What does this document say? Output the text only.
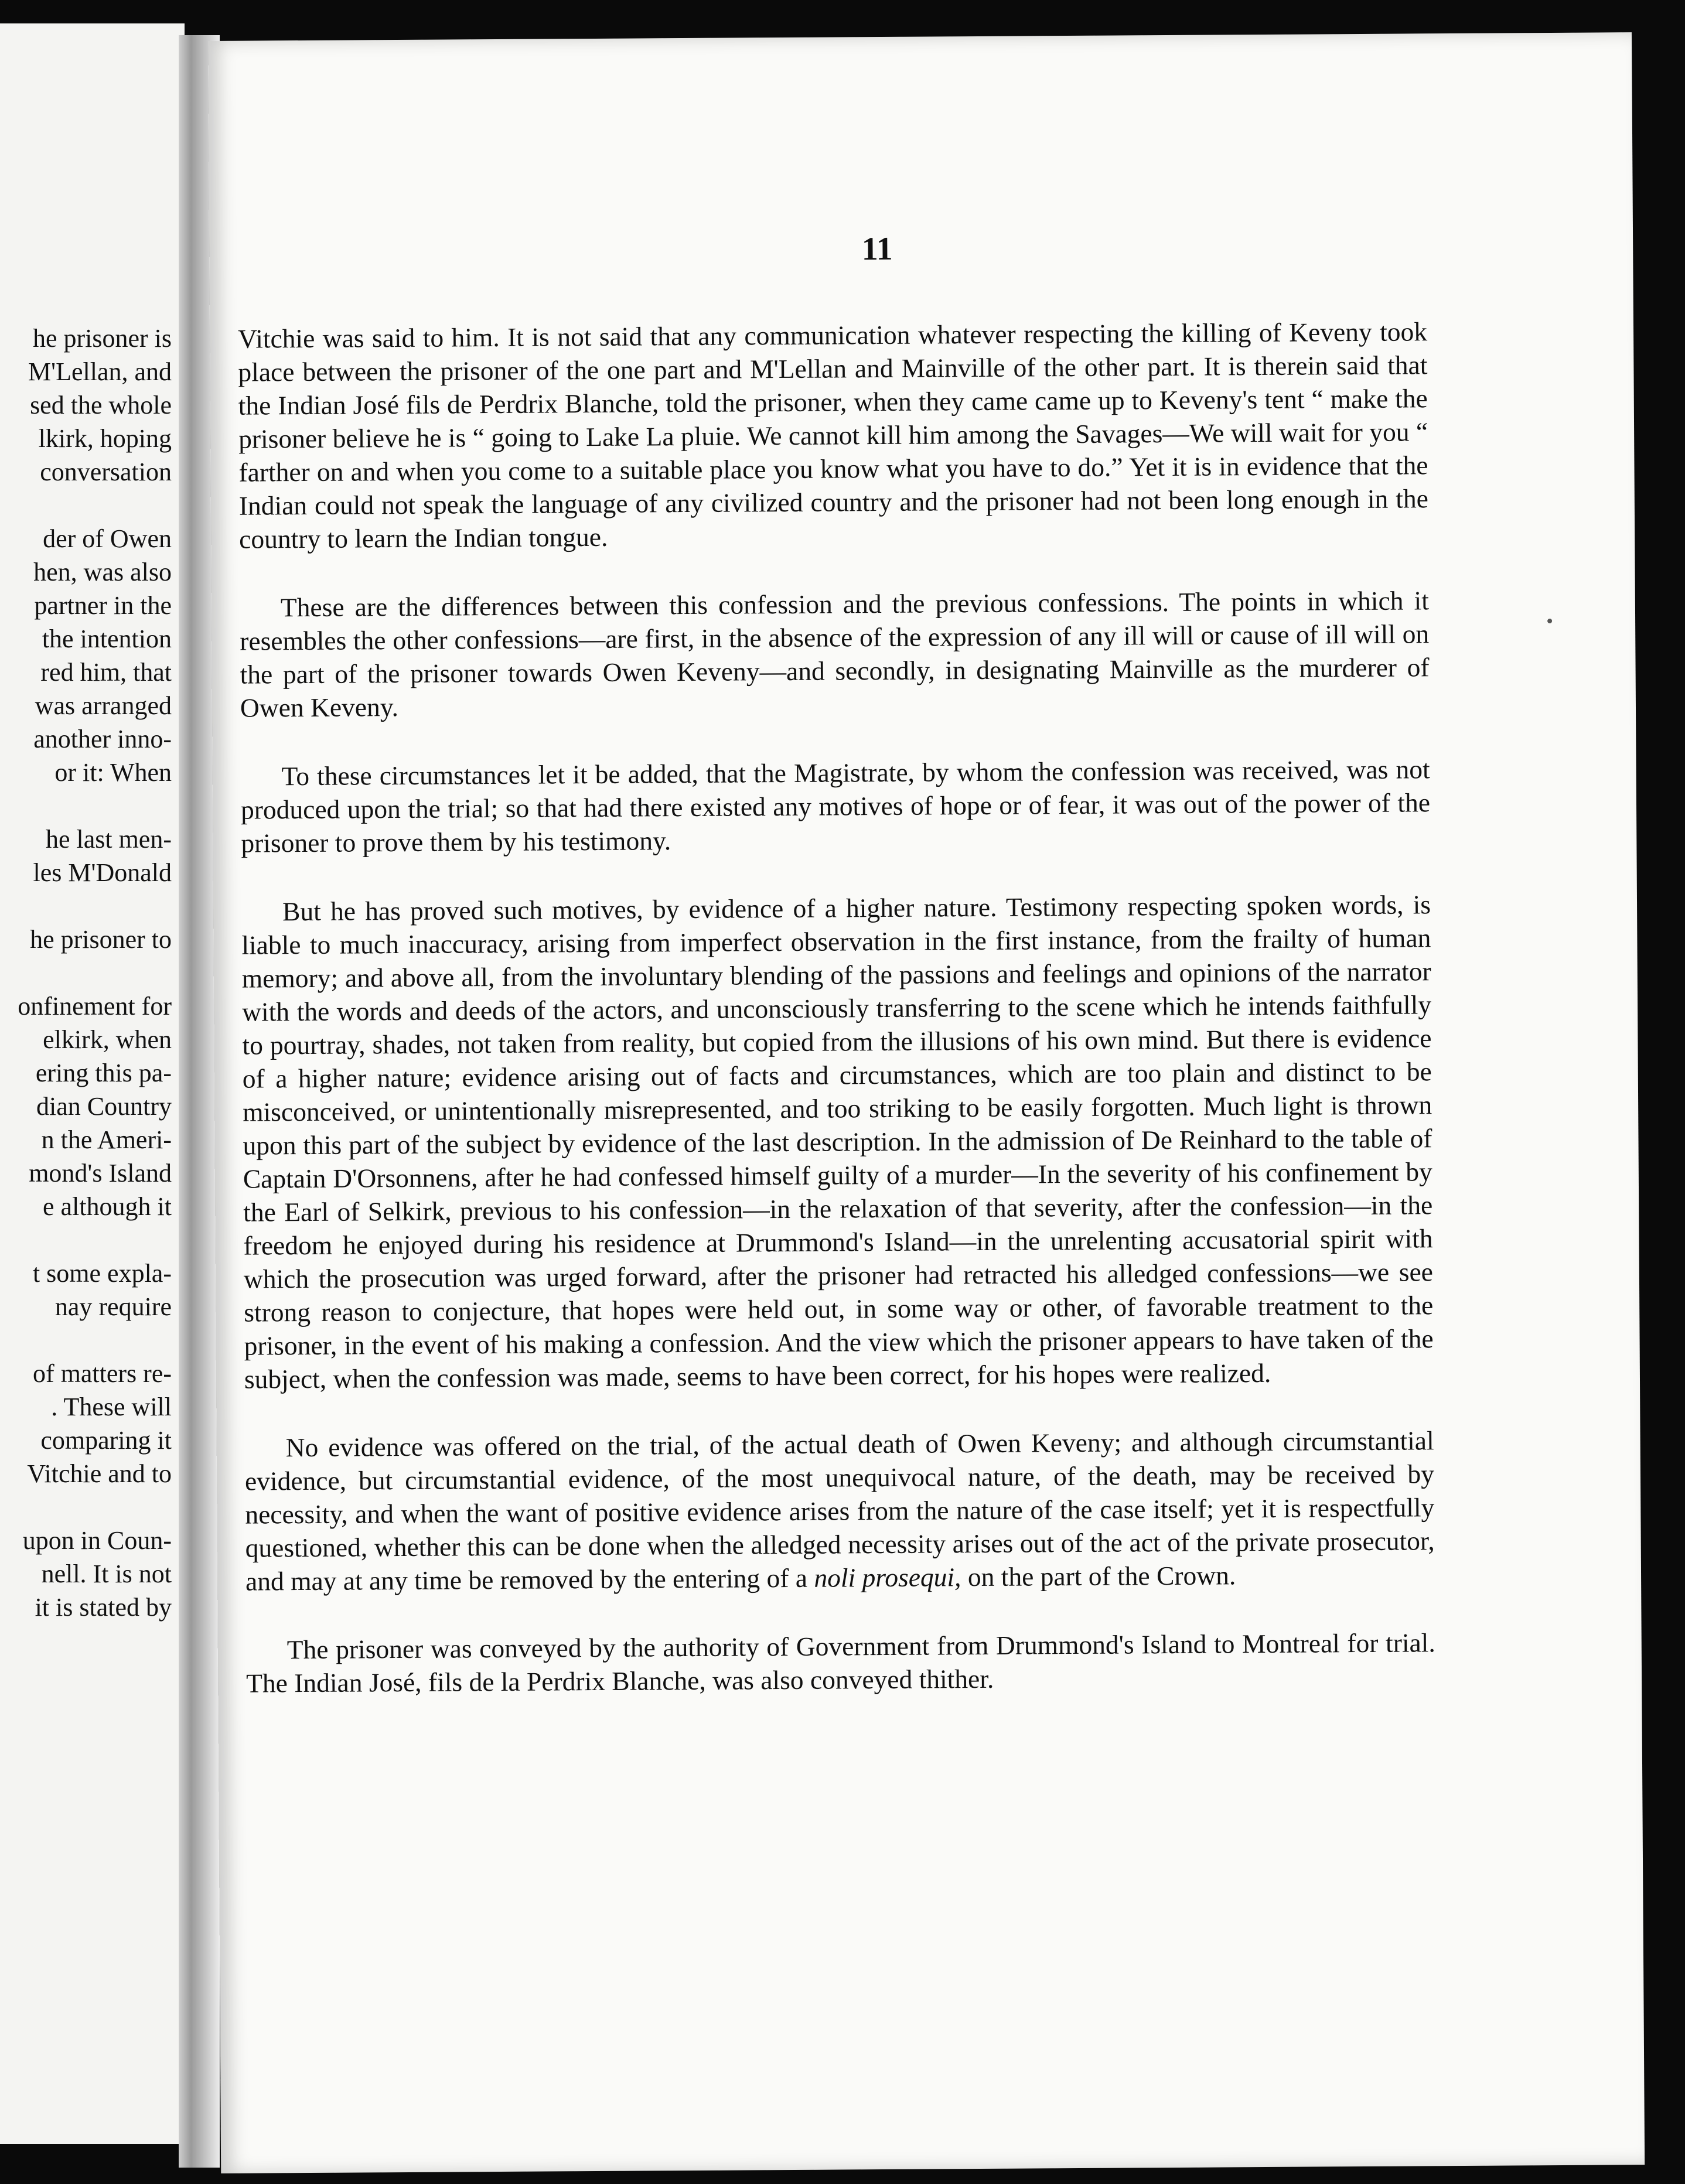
he prisoner is
M'Lellan, and
sed the whole
lkirk, hoping
conversation
der of Owen
hen, was also
partner in the
the intention
red him, that
was arranged
another inno-
or it: When
he last men-
les M'Donald
he prisoner to
onfinement for
elkirk, when
ering this pa-
dian Country
n the Ameri-
mond's Island
e although it
t some expla-
nay require
of matters re-
. These will
comparing it
Vitchie and to
upon in Coun-
nell. It is not
it is stated by
11

Vitchie was said to him. It is not said that any communication whatever respecting the killing of Keveny took place between the prisoner of the one part and M'Lellan and Mainville of the other part. It is therein said that the Indian José fils de Perdrix Blanche, told the prisoner, when they came came up to Keveny's tent “ make the prisoner believe he is “ going to Lake La pluie. We cannot kill him among the Savages—We will wait for you “ farther on and when you come to a suitable place you know what you have to do.” Yet it is in evidence that the Indian could not speak the language of any civilized country and the prisoner had not been long enough in the country to learn the Indian tongue.

These are the differences between this confession and the previous confessions. The points in which it resembles the other confessions—are first, in the absence of the expression of any ill will or cause of ill will on the part of the prisoner towards Owen Keveny—and secondly, in designating Mainville as the murderer of Owen Keveny.

To these circumstances let it be added, that the Magistrate, by whom the confession was received, was not produced upon the trial; so that had there existed any motives of hope or of fear, it was out of the power of the prisoner to prove them by his testimony.

But he has proved such motives, by evidence of a higher nature. Testimony respecting spoken words, is liable to much inaccuracy, arising from imperfect observation in the first instance, from the frailty of human memory; and above all, from the involuntary blending of the passions and feelings and opinions of the narrator with the words and deeds of the actors, and unconsciously transferring to the scene which he intends faithfully to pourtray, shades, not taken from reality, but copied from the illusions of his own mind. But there is evidence of a higher nature; evidence arising out of facts and circumstances, which are too plain and distinct to be misconceived, or unintentionally misrepresented, and too striking to be easily forgotten. Much light is thrown upon this part of the subject by evidence of the last description. In the admission of De Reinhard to the table of Captain D'Orsonnens, after he had confessed himself guilty of a murder—In the severity of his confinement by the Earl of Selkirk, previous to his confession—in the relaxation of that severity, after the confession—in the freedom he enjoyed during his residence at Drummond's Island—in the unrelenting accusatorial spirit with which the prosecution was urged forward, after the prisoner had retracted his alledged confessions—we see strong reason to conjecture, that hopes were held out, in some way or other, of favorable treatment to the prisoner, in the event of his making a confession. And the view which the prisoner appears to have taken of the subject, when the confession was made, seems to have been correct, for his hopes were realized.

No evidence was offered on the trial, of the actual death of Owen Keveny; and although circumstantial evidence, but circumstantial evidence, of the most unequivocal nature, of the death, may be received by necessity, and when the want of positive evidence arises from the nature of the case itself; yet it is respectfully questioned, whether this can be done when the alledged necessity arises out of the act of the private prosecutor, and may at any time be removed by the entering of a noli prosequi, on the part of the Crown.

The prisoner was conveyed by the authority of Government from Drummond's Island to Montreal for trial. The Indian José, fils de la Perdrix Blanche, was also conveyed thither.
